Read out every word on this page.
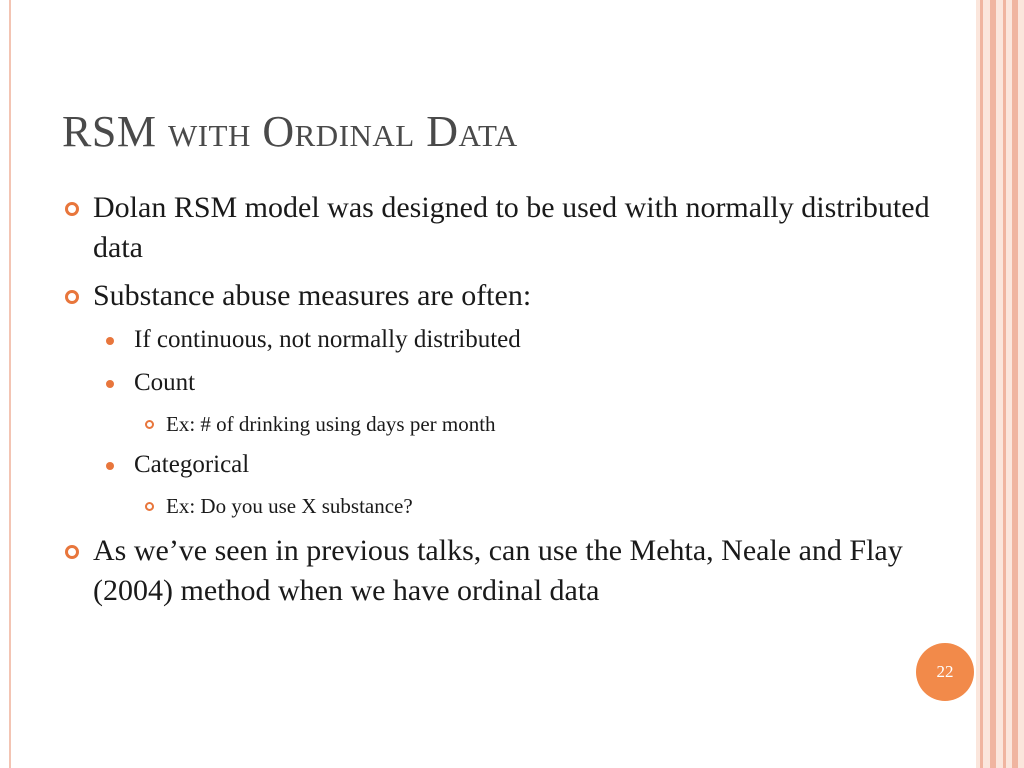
RSM with Ordinal Data
Dolan RSM model was designed to be used with normally distributed data
Substance abuse measures are often:
If continuous, not normally distributed
Count
Ex: # of drinking using days per month
Categorical
Ex: Do you use X substance?
As we’ve seen in previous talks, can use the Mehta, Neale and Flay (2004) method when we have ordinal data
22
